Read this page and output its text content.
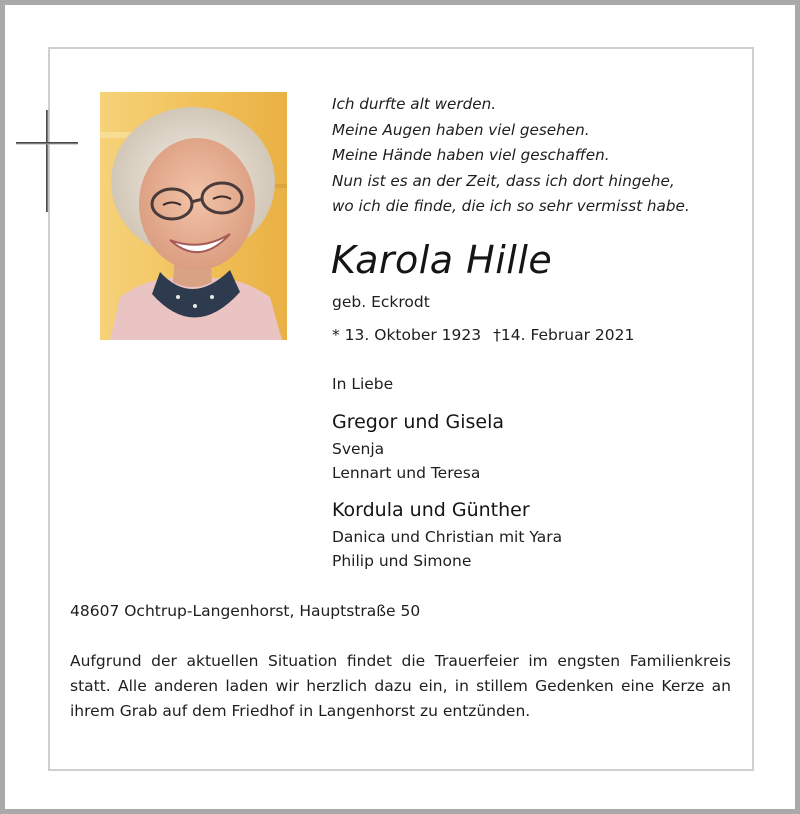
Ich durfte alt werden.
Meine Augen haben viel gesehen.
Meine Hände haben viel geschaffen.
Nun ist es an der Zeit, dass ich dort hingehe,
wo ich die finde, die ich so sehr vermisst habe.
Karola Hille
geb. Eckrodt
* 13. Oktober 1923 †14. Februar 2021
In Liebe
Gregor und Gisela
Svenja
Lennart und Teresa
Kordula und Günther
Danica und Christian mit Yara
Philip und Simone
48607 Ochtrup-Langenhorst, Hauptstraße 50

Aufgrund der aktuellen Situation findet die Trauerfeier im engsten Familienkreis statt. Alle anderen laden wir herzlich dazu ein, in stillem Gedenken eine Kerze an ihrem Grab auf dem Friedhof in Langenhorst zu entzünden.
